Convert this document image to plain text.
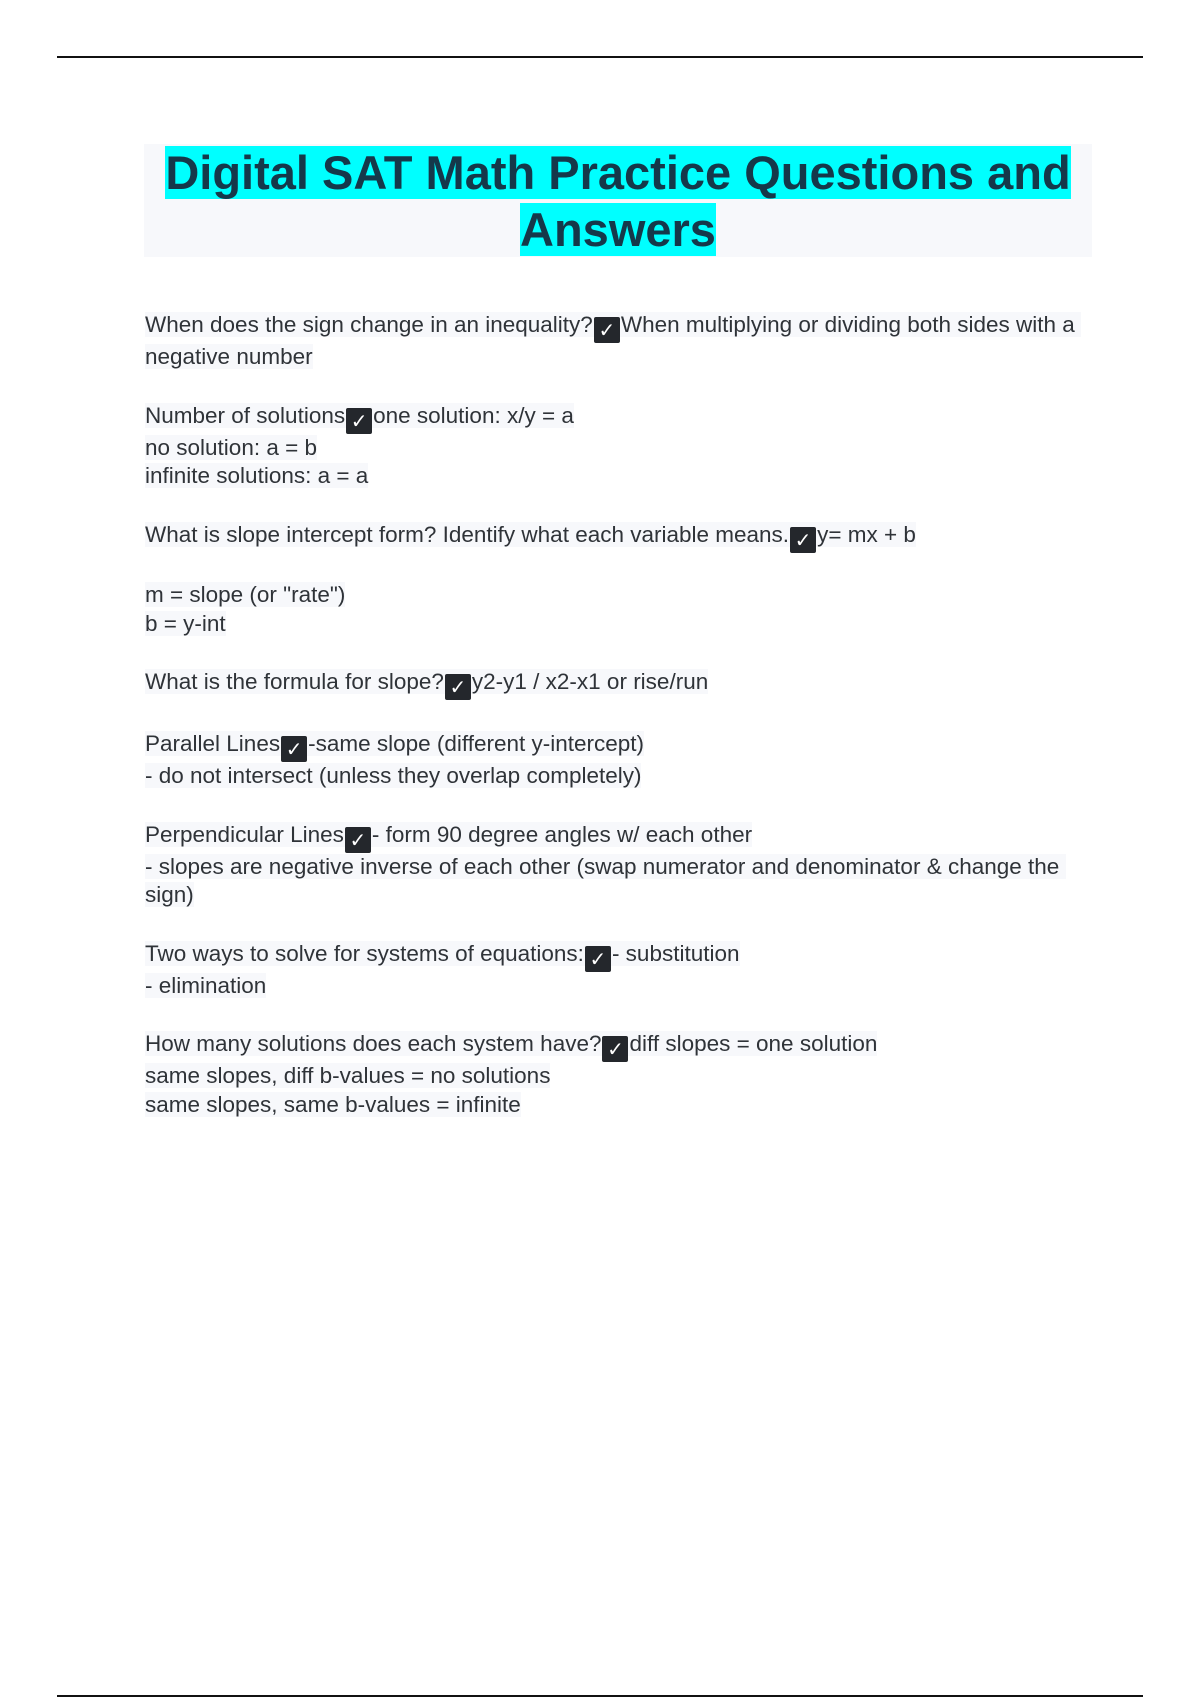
Digital SAT Math Practice Questions and Answers
When does the sign change in an inequality? ✓ When multiplying or dividing both sides with a negative number
Number of solutions ✓ one solution: x/y = a
no solution: a = b
infinite solutions: a = a
What is slope intercept form? Identify what each variable means. ✓ y= mx + b

m = slope (or "rate")
b = y-int
What is the formula for slope? ✓ y2-y1 / x2-x1 or rise/run
Parallel Lines ✓ -same slope (different y-intercept)
- do not intersect (unless they overlap completely)
Perpendicular Lines ✓ - form 90 degree angles w/ each other
- slopes are negative inverse of each other (swap numerator and denominator & change the sign)
Two ways to solve for systems of equations: ✓ - substitution
- elimination
How many solutions does each system have? ✓ diff slopes = one solution
same slopes, diff b-values = no solutions
same slopes, same b-values = infinite
